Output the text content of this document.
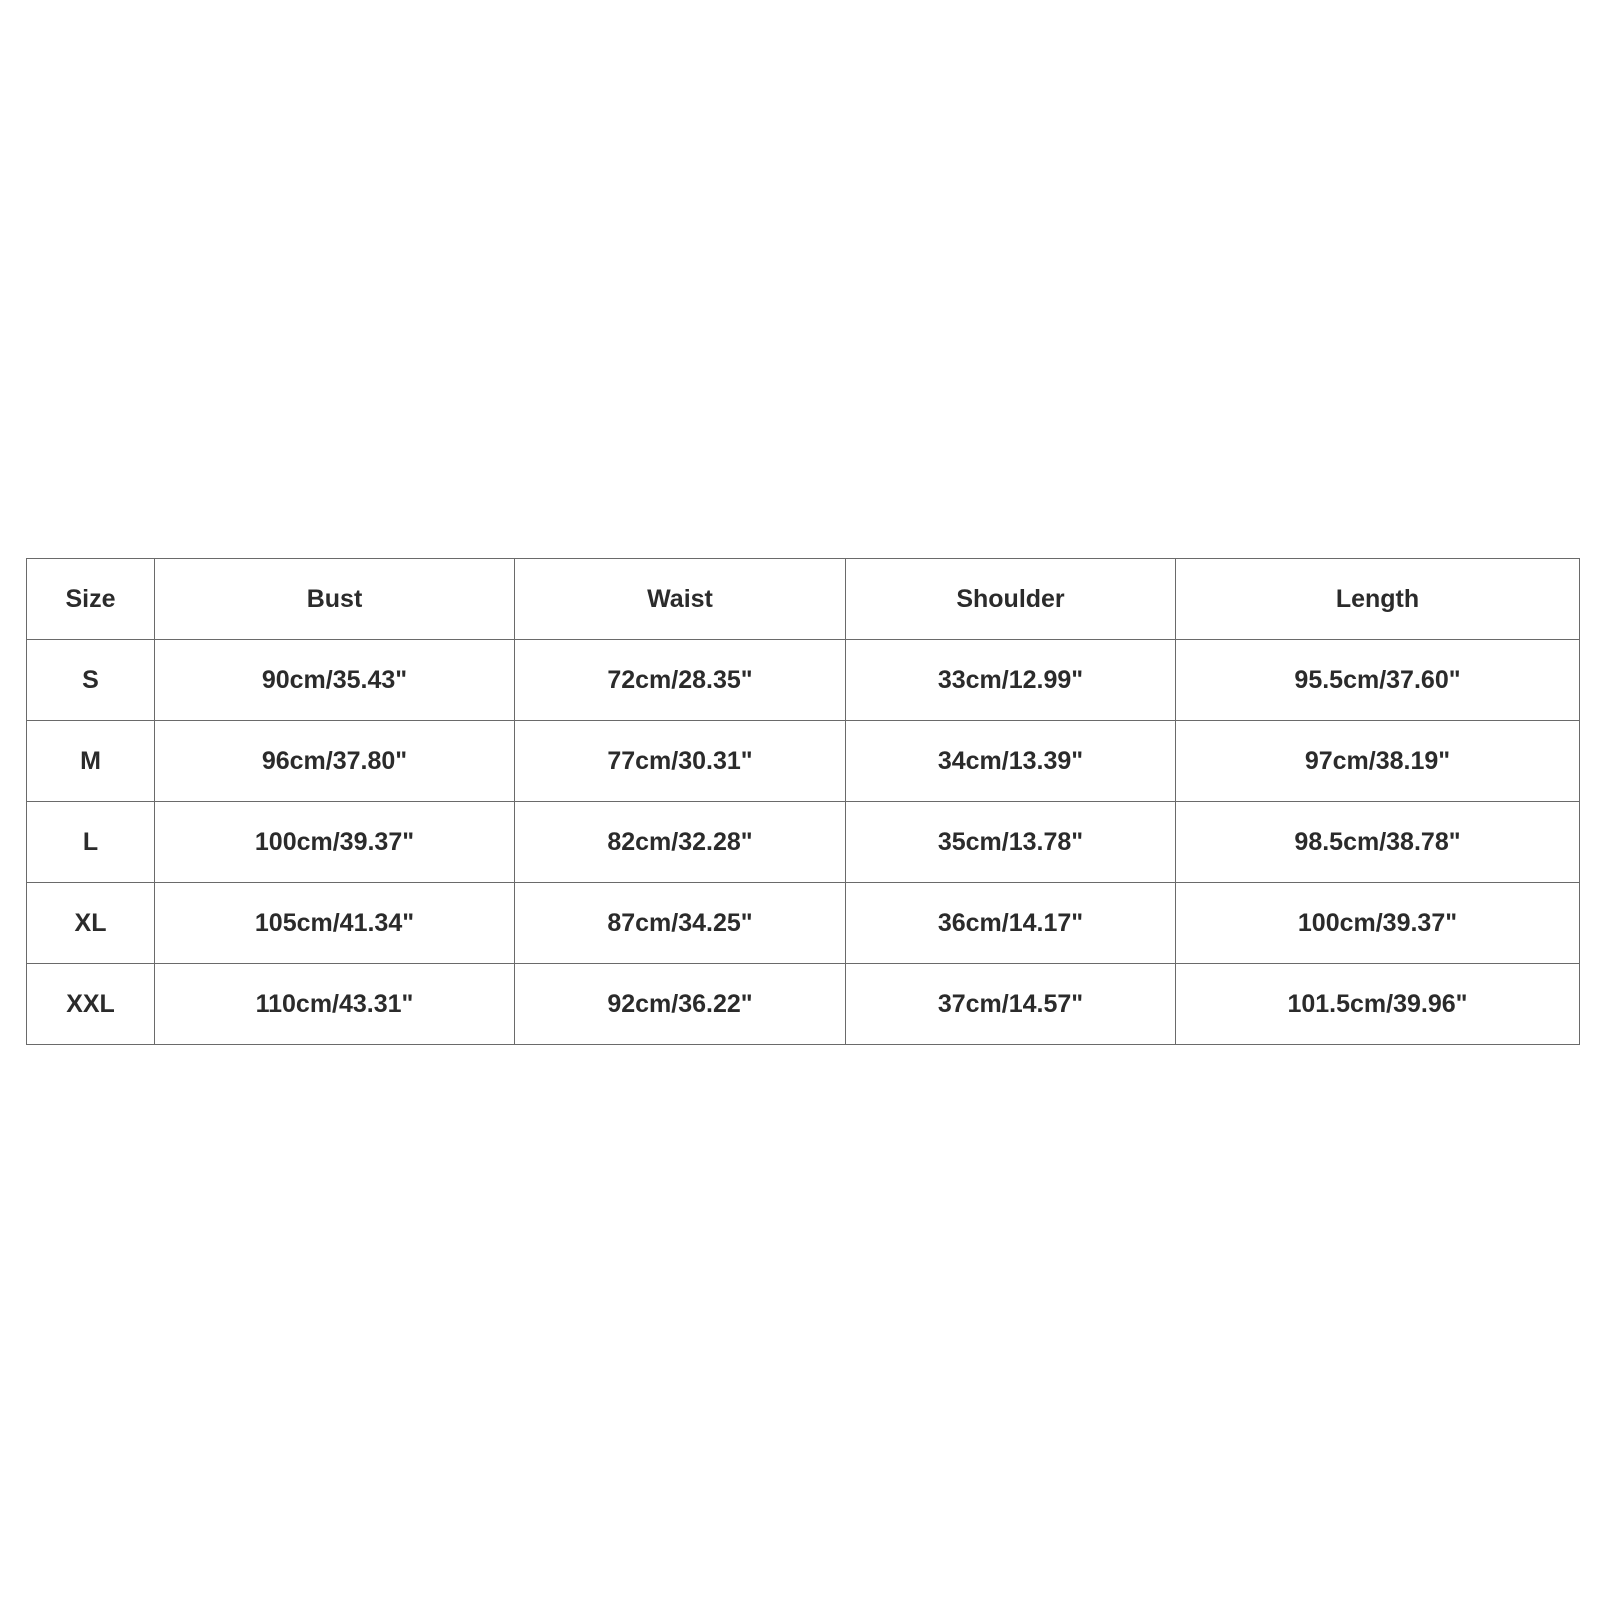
Size	Bust	Waist	Shoulder	Length
S	90cm/35.43"	72cm/28.35"	33cm/12.99"	95.5cm/37.60"
M	96cm/37.80"	77cm/30.31"	34cm/13.39"	97cm/38.19"
L	100cm/39.37"	82cm/32.28"	35cm/13.78"	98.5cm/38.78"
XL	105cm/41.34"	87cm/34.25"	36cm/14.17"	100cm/39.37"
XXL	110cm/43.31"	92cm/36.22"	37cm/14.57"	101.5cm/39.96"
